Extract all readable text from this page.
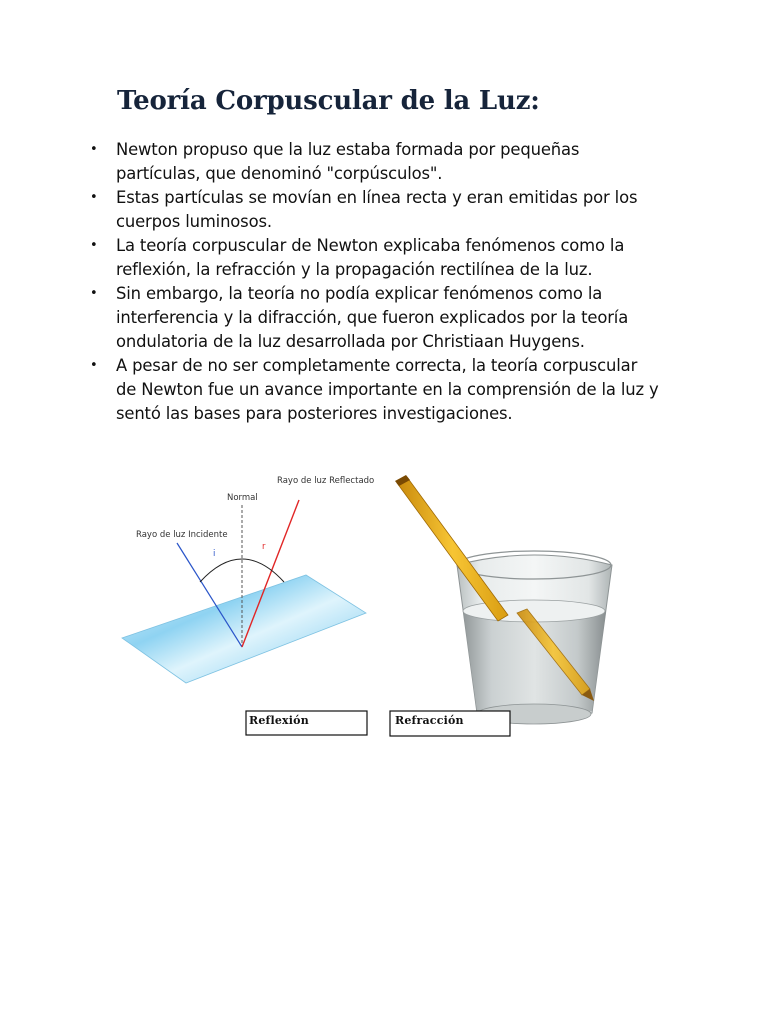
Teoría Corpuscular de la Luz:
• Newton propuso que la luz estaba formada por pequeñas partículas, que denominó "corpúsculos".
• Estas partículas se movían en línea recta y eran emitidas por los cuerpos luminosos.
• La teoría corpuscular de Newton explicaba fenómenos como la reflexión, la refracción y la propagación rectilínea de la luz.
• Sin embargo, la teoría no podía explicar fenómenos como la interferencia y la difracción, que fueron explicados por la teoría ondulatoria de la luz desarrollada por Christiaan Huygens.
• A pesar de no ser completamente correcta, la teoría corpuscular de Newton fue un avance importante en la comprensión de la luz y sentó las bases para posteriores investigaciones.
Normal
Rayo de luz Incidente
Rayo de luz Reflectado
i
r
Reflexión	Refracción
